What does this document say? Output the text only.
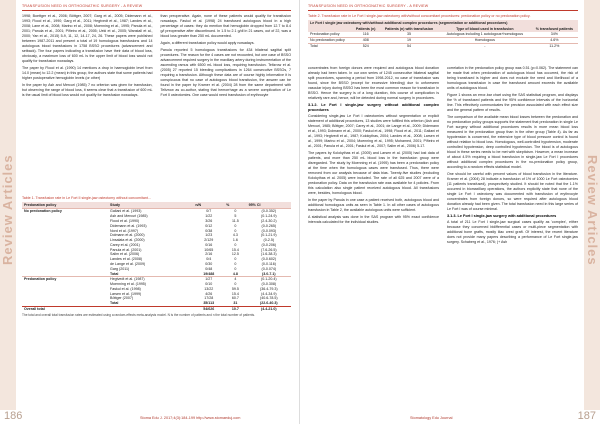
Review Articles
TRANSFUSION NEED IN ORTHOGNATHIC SURGERY - A REVIEW

1998; Boettger et al., 2006; Böttger, 2007; Garg et al., 2005; Didemann et al., 1993; Flood et al., 1990; Garg et al., 2011; Hegtvedt et al., 1987; Landes et al., 2008; Lane et al., 2008; Marino et al., 2008; Moenning et al., 1995; Panula et al., 2001; Panula et al., 2001; Piñeiro et al., 2005; Ueki et al., 2005; Wanstall et al., 2000; Yan et al., 2015) 5-9, 11, 12, 14-17, 24, 26. These papers were published between 1987-2011 and present a total of 19 homologous transfusions and 14 autologous blood transfusions in 1758 BSSO procedures (advancement and setback). The four papers indicating a transfusion have their data of blood loss, obviously, a maximum loss of 600 mL is the upper limit of blood loss would not qualify for transfusion nowadays.

The paper by Flood et al. (1990) 14 mentions a drop in haemoglobin level from 14.0 (mean) to 12.2 (mean) in this group, the authors state that some patients had higher postoperative hemoglobin levels (or other)

In the paper by Ash and Mercuri (1985) 7 no criterion was given for transfusion, but observing the range of blood loss, it seems clear that a transfusion of 600 mL is the usual limit of blood loss would not qualify for transfusion nowadays.

than preoperative. Again, none of these patients would qualify for transfusion nowadays. Faskul et al. (1998) 24 transfused autologous blood in a high percentage of cases: they do mention that hemoglobin dropped from 12.7 to 8.4 g/l preoperative after discontinued. In 1.5 to 2.1 g/dl in 21 cases, out of 22, was a blood loss greater than 250 mL documented.

Again, a different transfusion policy would apply nowadays.

Panula reported 5 homologous transfusions for 434 bilateral sagittal split procedures. The reason for the 4 cases are not recounted, but one case of BSSO advancement required surgery in the maxillary artery during instrumentation of the ascending ramus with 6500 mL blood loss, requiring transfusion. Teltzrow et al. (2005) 27 reported 15 bleeding complications in 1264 consecutive BSSOs, 7 requiring a transfusion. Although these data are of course highly informative it is conspicuous that no case of autologous blood transfusion, the answer can be found in the paper by Kramer et al. (2004) 28 from the same department with Teltzrow as co-author, stating that hemorrhage as a severe complication of Le Fort II osteotomies. One case would need transfusion of erythrocyte

Table 1. Transfusion rate in Le Fort II single-jaw osteotomy without concomitant...
Predonation policy	Study	n/N	%	95% CI
No predonation policy	Galiani et al. (1993)	0/7	0	(0-0.352)
	Ash and Mercuri (1985)	1/22	5	(0.1-24.9)
	Flood et al. (1990)	3/26	11.5	(2.4-30.2)
	Didemann et al. (1993)	0/12	0	(0-0.265)
	Nord et al. (1997)	0/38	0	(0-0.093)
	Dolmann et al. (2000)	1/23	4.3	(0.1-21.9)
	Linsalata et al. (2000)	2/129	1.6	(0-2.5)
	Carey et al. (2001)	0/16	0	(0-0.206)
	Panula et al. (2001)	10/65	15.4	(7.6-26.5)
	Salim et al. (2006)	2/16	12.5	(1.6-38.3)
	Landes et al. (2008)	0/4	0	(0-0.602)
	de Lange et al. (2009)	0/30	0	(0-0.116)
	Garg (2011)	0/48	0	(0-0.074)
	Total	19/488	4.8	(3.0-7.1)
Predonation policy	Hegtvedt et al. (1987)	1/27	4	(0.1-20.4)
	Moenning et al. (1995)	0/10	0	(0-0.308)
	Faskul et al. (1998)	13/22	59.5	(36.4-79.3)
	Larsen et al. (1999)	4/26	15.4	(4.4-34.9)
	Böttger (2007)	17/28	60.7	(40.6-78.5)
	Total	35/113	31	(22.6-40.3)
Overall total		54/626	10.7	(4.4-21.0)
The total and overall total transfusion rates are estimated using a random-effects meta-analysis model. N is the number of patients and n the total number of patients.
186	Stoma Edu J. 2017;4(3):184-199 http://www.stomaeduj.com
Review Articles
TRANSFUSION NEED IN ORTHOGNATHIC SURGERY - A REVIEW
Table 2. Transfusion rate in Le Fort I single-jaw osteotomy with/without concomitant procedures: predonation policy or no predonation policy.
Le Fort I single jaw osteotomy with/without additional complex procedures (segmentation or additional procedures)				
	Patients (n)	Patients (n) with transfusion	Type of blood used in transfusion	% transfused patients
Predonation policy	116	35	Autologous including 1 autologous+homologous	34%
No predonation policy	408	19	Homologous	4.6%
Total	524	54	-	11.2%

concentrates from foreign donors were required and autologous blood donation already had been taken. In our own series of 1245 consecutive bilateral sagittal split procedures, spanning a period from 1998-2012, no case of transfusion was found, since the BSSO (except for excessive bleeding) due to unforeseen vascular injury during BSSO has been the most common reason for transfusion in BSSO. Hence the surgery is of a long duration, this course of complication is relatively rare and, hence, will be detected during normal surgery in procedures.

3.1.2. Le Fort I single-jaw surgery without additional complex procedures

Considering single-jaw Le Fort I osteotomies without segmentation or explicit statement of additional procedures, 13 studies were fulfilled this criterion (Ash and Mercuri, 1985; Böttger, 2007; Carey et al., 2001; de Lange et al., 2009; Didemann et al., 1993; Dolmann et al., 2000; Faskul et al., 1998; Flood et al., 2011; Galiani et al., 1993; Hegtvedt et al., 1987; Kolokythas, 2004; Landes et al., 2008; Larsen et al., 1999; Marino et al., 2004; Moenning et al., 1995; Mohamed, 2001; Piñeiro et al., 2001; Panula et al., 2001; Faskul et al., 2007; Salim et al., 2006) 5-17.

The papers by Kolokythas et al. (2005) and Larsen et al. (2005) had lost data of patients, and more than 250 mL blood loss in the transfusion group were disregarded. The study by Moenning et al. (1995) has been a predonation policy at the time when the homologous cases were transfused. Thus, there were removed from our analysis because of data bias. Twenty-five studies (excluding Kolokythas et al. 2005) were included. The rate of all 625 and 2007 were of a predonation policy. Data on the transfusion rate was available for 4 policies. From this calculation also single patient received autologous blood. All transfusions were, besides, homologous blood.

In the paper by Panula in one case a patient received both, autologous blood and additional homologous units as seen in Table 1. In all other cases of autologous transfusion in Table 2, the available autologous units were sufficient.

A statistical analysis was done in the SAS program with 95% exact confidence intervals calculated for the individual studies.

correlation in the predonation policy group was 0.51 (p=0.062). The statement can be made that when predonation of autologous blood has occurred, the risk of being transfused is higher and does not exclude the need and likelihood of a homologous transfusion in case the transfused amount exceeds the available units of autologous blood.

Figure 1 shows an error-bar chart using the SAS statistical program, and displays the % of transfused patients and the 95% confidence intervals of the horizontal line. This effectively communicates the precision associated with each effect size and the general pattern of results.

The comparison of the available mean blood losses between the predonation and no predonation policy groups supports the statement that predonation in single Le Fort surgery without additional procedures results in more mean blood loss measured in the predonation group than in the other group (Table 4). As far as hypotension is concerned, the extensive type of blood pressure control is found without relation to blood loss. Homologous, well-controlled hypotension, moderate controlled hypotension, deep controlled hypotension. The blood is of autologous blood in these series needs to be met with skepticism. However, a mean increase of about 4.5% requiring a blood transfusion in single-jaw Le Fort I procedures without additional complex procedures in the no-predonation policy group, according to a random effects statistical model.

One should be careful with percent values of blood transfusion in the literature. Kramer et al. (2004) 28 indicate a transfusion of 1% of 1000 Le Fort osteotomies (11 patients transfused), prospectively studied. It should be noted that the 1.1% occurred in biomaxillary operations, the authors explicitly state that none of the single Le Fort I osteotomy was documented with transfusion of erythrocyte concentrates from foreign donors, so were required after autologous blood donation already had been given. The total transfusion need in this large series of Le Fort I was of course minimal.

3.1.3. Le Fort I single-jaw surgery with additional procedures

A total of 211 Le Fort I single-jaw surgical cases qualify as 'complex', either because they concerned bidifferential cases or multi-piece segmentation with additional bone grafts, mostly iliac crest graft. Of interest, the recent literature does not provide many papers describing a performance of Le Fort single-jaw surgery. Schaberg et al., 1976; (+ Ash

187
Stomatology Edu Journal
